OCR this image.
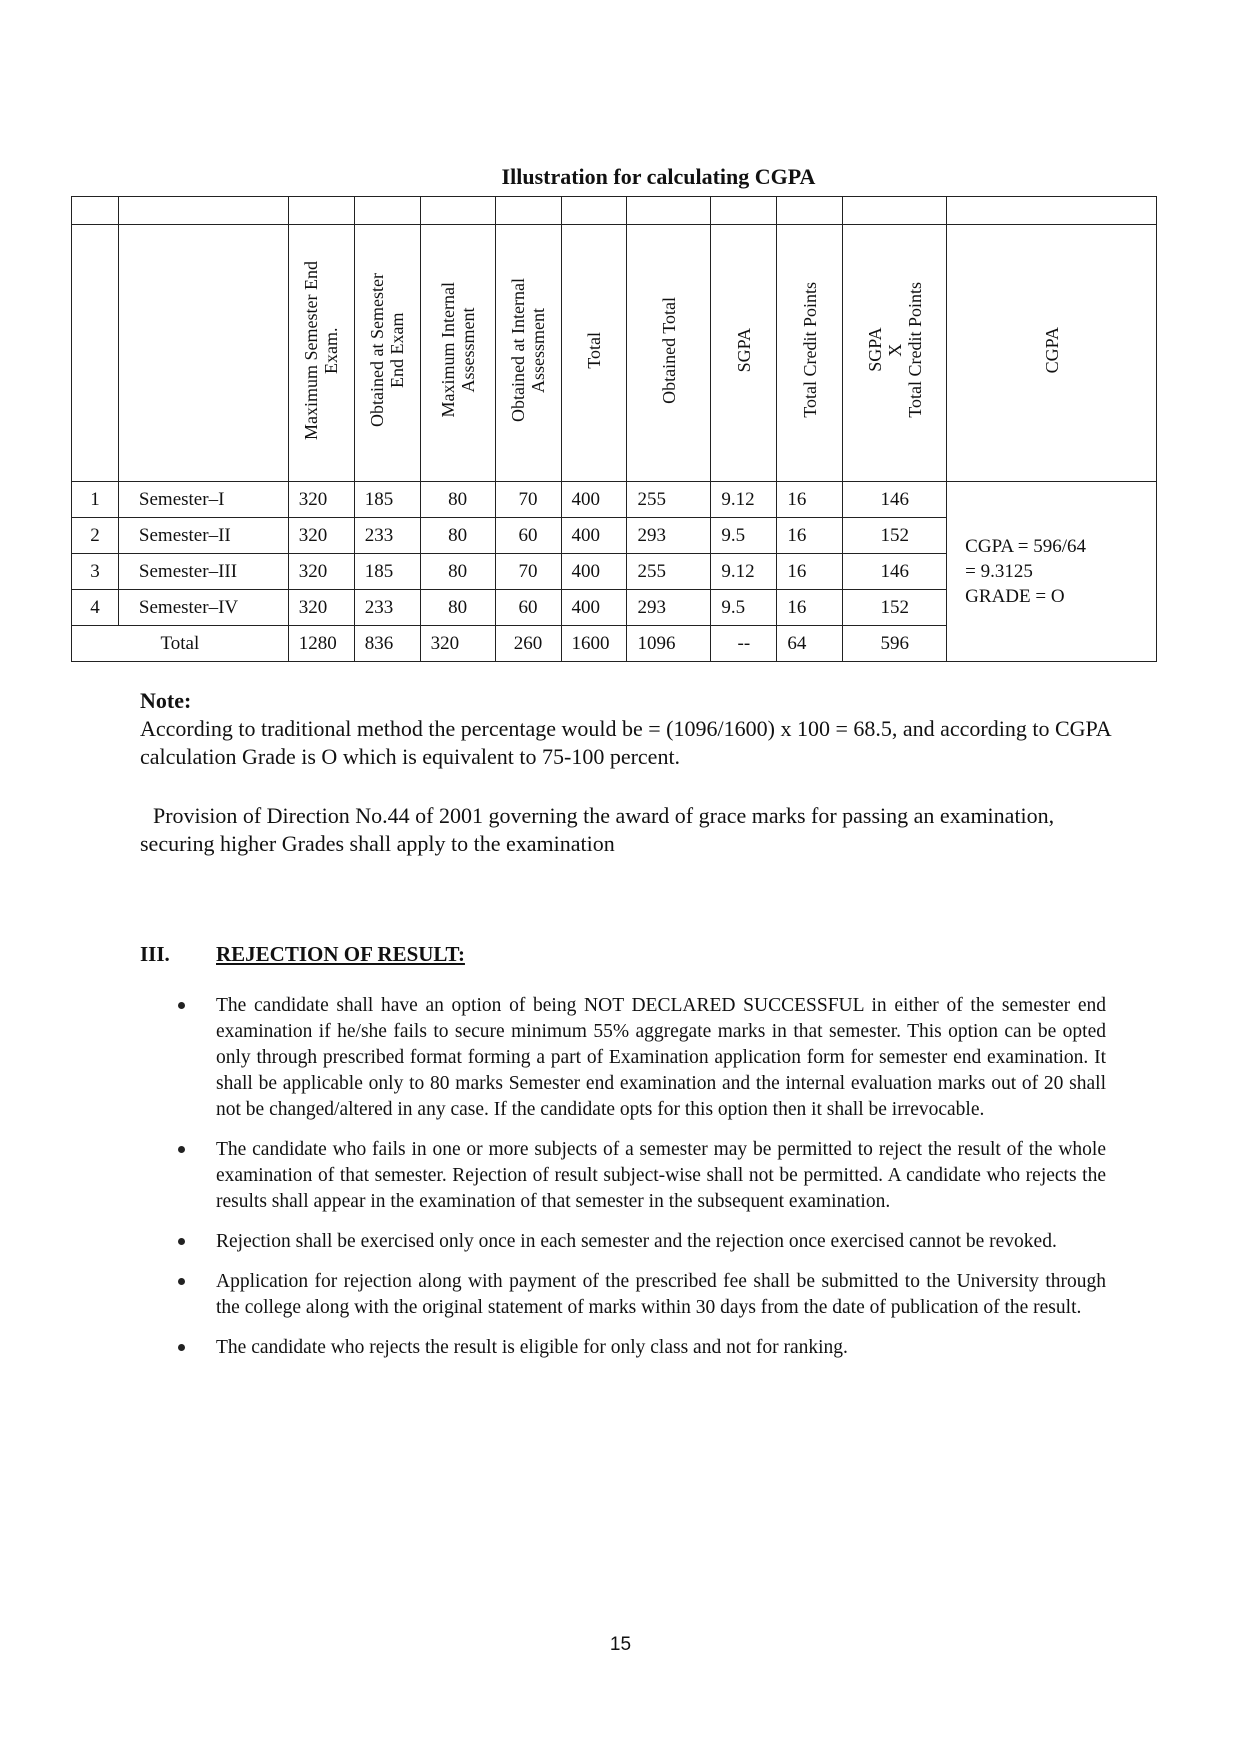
Illustration for calculating CGPA

		Maximum Semester End
Exam.	Obtained at Semester
End Exam	Maximum Internal
Assessment	Obtained at Internal
Assessment	Total	Obtained Total	SGPA	Total Credit Points	SGPA
X
Total Credit Points	CGPA
1	Semester–I	320	185	80	70	400	255	9.12	16	146	CGPA = 596/64
= 9.3125
GRADE = O

2	Semester–II	320	233	80	60	400	293	9.5	16	152	
3	Semester–III	320	185	80	70	400	255	9.12	16	146	
4	Semester–IV	320	233	80	60	400	293	9.5	16	152	
Total		1280	836	320	260	1600	1096	--	64	596	
Note:
According to traditional method the percentage would be = (1096/1600) x 100 = 68.5, and according to CGPA calculation Grade is O which is equivalent to 75-100 percent.
Provision of Direction No.44 of 2001 governing the award of grace marks for passing an examination, securing higher Grades shall apply to the examination
III. REJECTION OF RESULT:
The candidate shall have an option of being NOT DECLARED SUCCESSFUL in either of the semester end examination if he/she fails to secure minimum 55% aggregate marks in that semester. This option can be opted only through prescribed format forming a part of Examination application form for semester end examination. It shall be applicable only to 80 marks Semester end examination and the internal evaluation marks out of 20 shall not be changed/altered in any case. If the candidate opts for this option then it shall be irrevocable.
The candidate who fails in one or more subjects of a semester may be permitted to reject the result of the whole examination of that semester. Rejection of result subject-wise shall not be permitted. A candidate who rejects the results shall appear in the examination of that semester in the subsequent examination.
Rejection shall be exercised only once in each semester and the rejection once exercised cannot be revoked.
Application for rejection along with payment of the prescribed fee shall be submitted to the University through the college along with the original statement of marks within 30 days from the date of publication of the result.
The candidate who rejects the result is eligible for only class and not for ranking.
15
